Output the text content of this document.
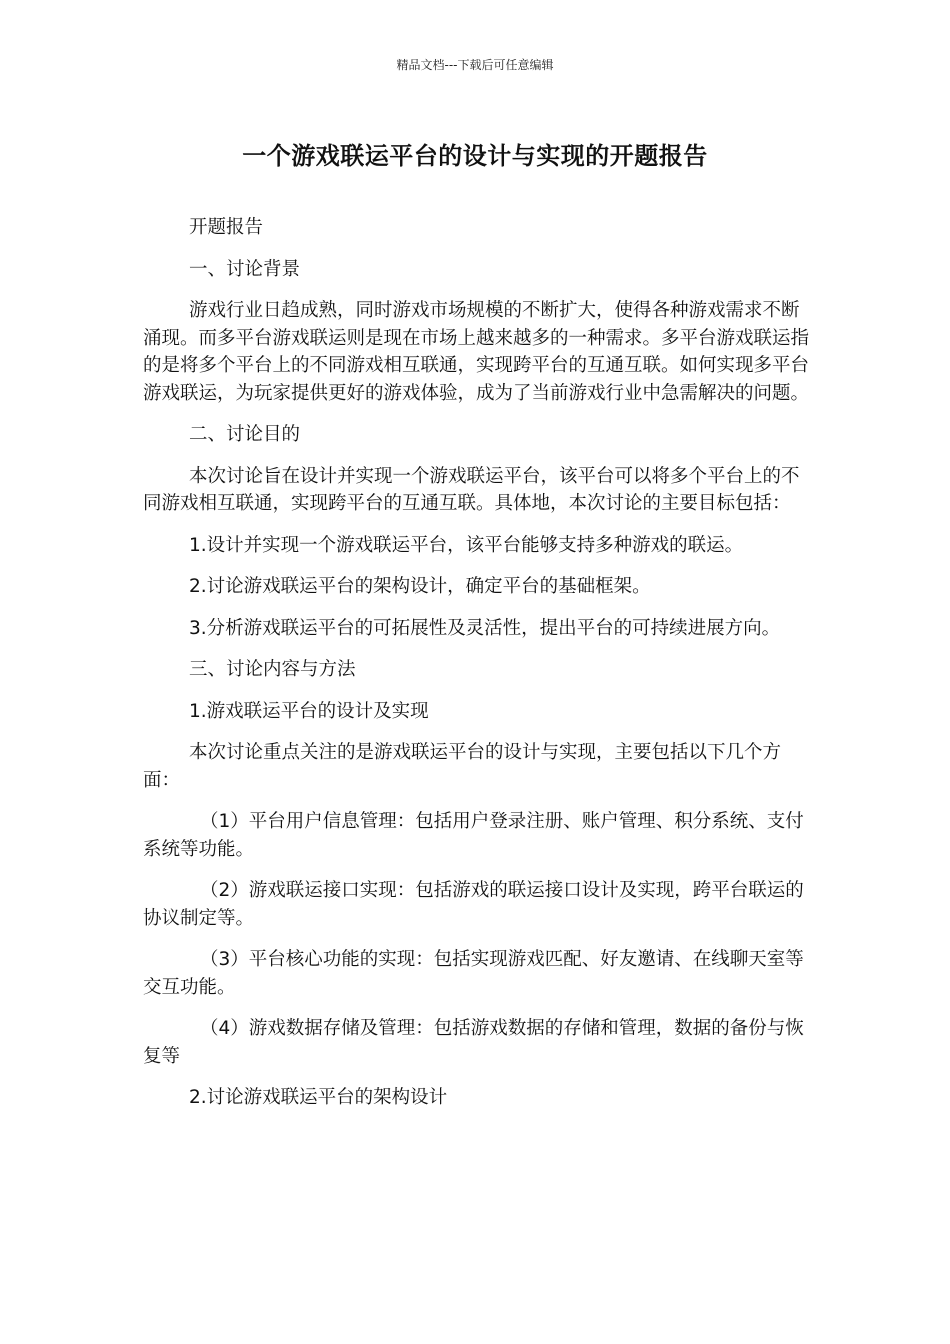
精品文档---下载后可任意编辑
一个游戏联运平台的设计与实现的开题报告

开题报告

一、讨论背景

游戏行业日趋成熟，同时游戏市场规模的不断扩大，使得各种游戏需求不断涌现。而多平台游戏联运则是现在市场上越来越多的一种需求。多平台游戏联运指的是将多个平台上的不同游戏相互联通，实现跨平台的互通互联。如何实现多平台游戏联运，为玩家提供更好的游戏体验，成为了当前游戏行业中急需解决的问题。

二、讨论目的

本次讨论旨在设计并实现一个游戏联运平台，该平台可以将多个平台上的不同游戏相互联通，实现跨平台的互通互联。具体地，本次讨论的主要目标包括：

1.设计并实现一个游戏联运平台，该平台能够支持多种游戏的联运。

2.讨论游戏联运平台的架构设计，确定平台的基础框架。

3.分析游戏联运平台的可拓展性及灵活性，提出平台的可持续进展方向。

三、讨论内容与方法

1.游戏联运平台的设计及实现

本次讨论重点关注的是游戏联运平台的设计与实现，主要包括以下几个方面：

（1）平台用户信息管理：包括用户登录注册、账户管理、积分系统、支付系统等功能。

（2）游戏联运接口实现：包括游戏的联运接口设计及实现，跨平台联运的协议制定等。

（3）平台核心功能的实现：包括实现游戏匹配、好友邀请、在线聊天室等交互功能。

（4）游戏数据存储及管理：包括游戏数据的存储和管理，数据的备份与恢复等

2.讨论游戏联运平台的架构设计
